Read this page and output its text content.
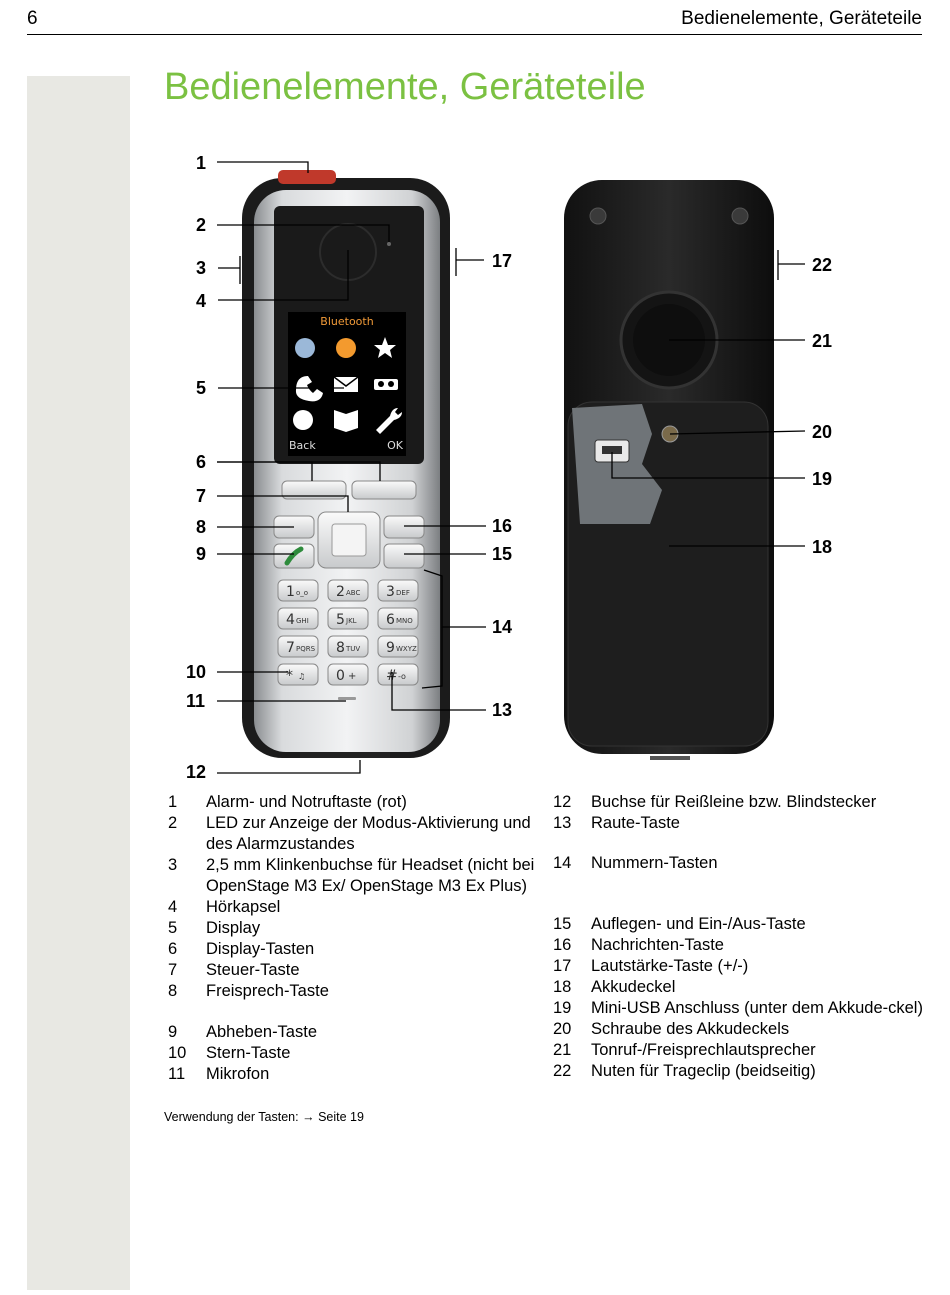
6	Bedienelemente, Geräteteile
Bedienelemente, Geräteteile
Bluetooth
Back	OK
1 o_o 2 ABC 3 DEF
4 GHI 5 JKL 6 MNO
7 PQRS 8 TUV 9 WXYZ
* ♫ 0 + # -o
1
2
3
4
5
6
7
8
9
10
11
12
13
14
15
16
17
18
19
20
21
22
1	Alarm- und Notruftaste (rot)
2	LED zur Anzeige der Modus-Aktivierung und des Alarmzustandes
3	2,5 mm Klinkenbuchse für Headset (nicht bei OpenStage M3 Ex/ OpenStage M3 Ex Plus)
4	Hörkapsel
5	Display
6	Display-Tasten
7	Steuer-Taste
8	Freisprech-Taste
9	Abheben-Taste
10	Stern-Taste
11	Mikrofon
12	Buchse für Reißleine bzw. Blindstecker
13	Raute-Taste
14	Nummern-Tasten
15	Auflegen- und Ein-/Aus-Taste
16	Nachrichten-Taste
17	Lautstärke-Taste (+/-)
18	Akkudeckel
19	Mini-USB Anschluss (unter dem Akkude-ckel)
20	Schraube des Akkudeckels
21	Tonruf-/Freisprechlautsprecher
22	Nuten für Trageclip (beidseitig)
Verwendung der Tasten: → Seite 19
